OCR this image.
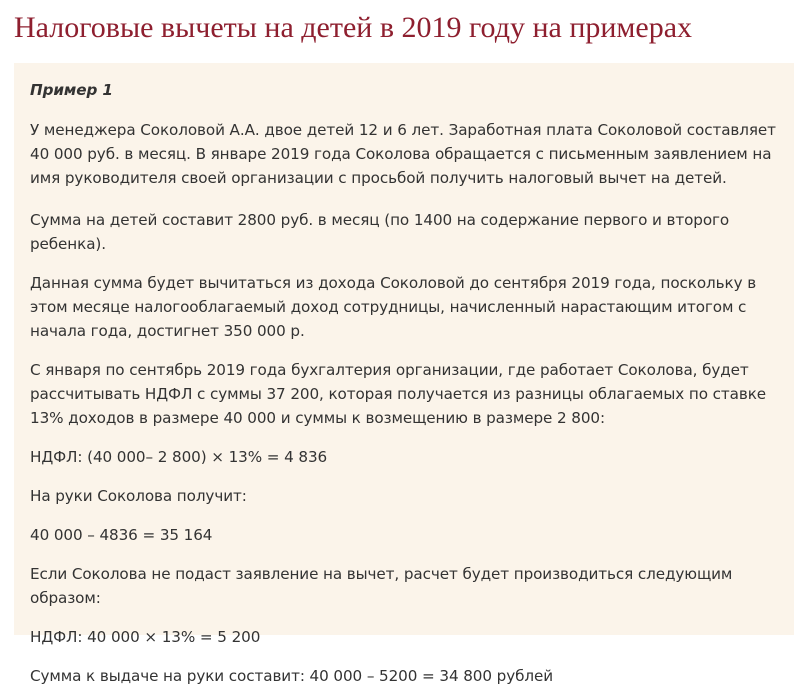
Налоговые вычеты на детей в 2019 году на примерах
Пример 1

У менеджера Соколовой А.А. двое детей 12 и 6 лет. Заработная плата Соколовой составляет 40 000 руб. в месяц. В январе 2019 года Соколова обращается с письменным заявлением на имя руководителя своей организации с просьбой получить налоговый вычет на детей.

Сумма на детей составит 2800 руб. в месяц (по 1400 на содержание первого и второго ребенка).

Данная сумма будет вычитаться из дохода Соколовой до сентября 2019 года, поскольку в этом месяце налогооблагаемый доход сотрудницы, начисленный нарастающим итогом с начала года, достигнет 350 000 р.

С января по сентябрь 2019 года бухгалтерия организации, где работает Соколова, будет рассчитывать НДФЛ с суммы 37 200, которая получается из разницы облагаемых по ставке 13% доходов в размере 40 000 и суммы к возмещению в размере 2 800:

НДФЛ: (40 000– 2 800) × 13% = 4 836

На руки Соколова получит:

40 000 – 4836 = 35 164

Если Соколова не подаст заявление на вычет, расчет будет производиться следующим образом:

НДФЛ: 40 000 × 13% = 5 200

Сумма к выдаче на руки составит: 40 000 – 5200 = 34 800 рублей
